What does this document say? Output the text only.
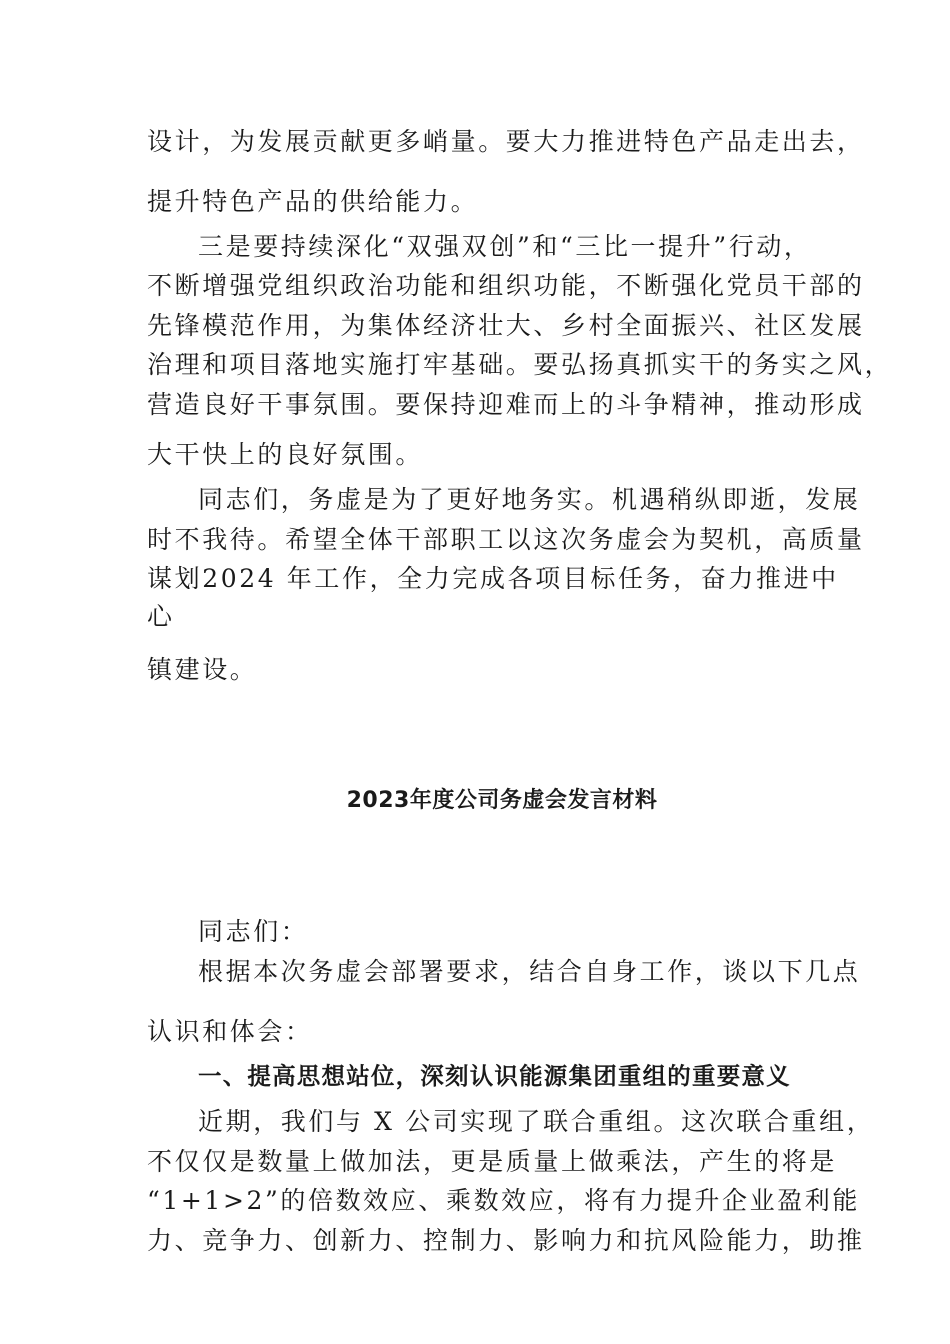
设计，为发展贡献更多峭量。要大力推进特色产品走出去，
提升特色产品的供给能力。
三是要持续深化“双强双创”和“三比一提升”行动，
不断增强党组织政治功能和组织功能，不断强化党员干部的
先锋模范作用，为集体经济壮大、乡村全面振兴、社区发展
治理和项目落地实施打牢基础。要弘扬真抓实干的务实之风，
营造良好干事氛围。要保持迎难而上的斗争精神，推动形成
大干快上的良好氛围。
同志们，务虚是为了更好地务实。机遇稍纵即逝，发展
时不我待。希望全体干部职工以这次务虚会为契机，高质量
谋划2024 年工作，全力完成各项目标任务，奋力推进中
心
镇建设。
2023年度公司务虚会发言材料
同志们：
根据本次务虚会部署要求，结合自身工作，谈以下几点
认识和体会：
一、提高思想站位，深刻认识能源集团重组的重要意义
近期，我们与 X 公司实现了联合重组。这次联合重组，
不仅仅是数量上做加法，更是质量上做乘法，产生的将是
“1+1>2”的倍数效应、乘数效应，将有力提升企业盈利能
力、竞争力、创新力、控制力、影响力和抗风险能力，助推
